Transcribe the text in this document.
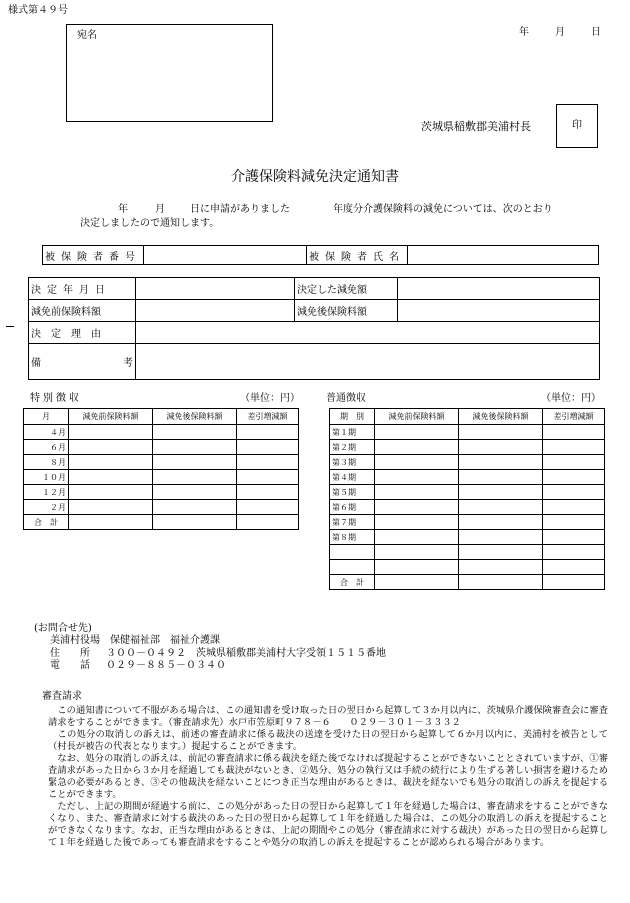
様式第４９号
年	月	日
宛名
茨城県稲敷郡美浦村長	印
介護保険料減免決定通知書
年	月	日に申請がありました	年度分介護保険料の減免については、次のとおり
決定しましたので通知します。
被保険者番号		被保険者氏名	
決定年月日		決定した減免額	
減免前保険料額		減免後保険料額	
決　定　理　由			
備 考			

特別徴収	（単位：円）
月	減免前保険料額	減免後保険料額	差引増減額
４月			
６月			
８月			
１０月			
１２月			
２月			
合　計			
普通徴収	（単位：円）
期　別	減免前保険料額	減免後保険料額	差引増減額
第１期			
第２期			
第３期			
第４期			
第５期			
第６期			
第７期			
第８期			

合　計			
(お問合せ先)
美浦村役場　保健福祉部　福祉介護課
住　　所 ３００－０４９２　茨城県稲敷郡美浦村大字受領１５１５番地
電　　話 ０２９－８８５－０３４０
審査請求

　この通知書について不服がある場合は、この通知書を受け取った日の翌日から起算して３か月以内に、茨城県介護保険審査会に審査請求をすることができます。（審査請求先）水戸市笠原町９７８－６　　０２９－３０１－３３３２

　この処分の取消しの訴えは、前述の審査請求に係る裁決の送達を受けた日の翌日から起算して６か月以内に、美浦村を被告として（村長が被告の代表となります。）提起することができます。

　なお、処分の取消しの訴えは、前記の審査請求に係る裁決を経た後でなければ提起することができないこととされていますが、①審査請求があった日から３か月を経過しても裁決がないとき、②処分、処分の執行又は手続の続行により生ずる著しい損害を避けるため緊急の必要があるとき、③その他裁決を経ないことにつき正当な理由があるときは、裁決を経ないでも処分の取消しの訴えを提起することができます。

　ただし、上記の期間が経過する前に、この処分があった日の翌日から起算して１年を経過した場合は、審査請求をすることができなくなり、また、審査請求に対する裁決のあった日の翌日から起算して１年を経過した場合は、この処分の取消しの訴えを提起することができなくなります。なお、正当な理由があるときは、上記の期間やこの処分（審査請求に対する裁決）があった日の翌日から起算して１年を経過した後であっても審査請求をすることや処分の取消しの訴えを提起することが認められる場合があります。
